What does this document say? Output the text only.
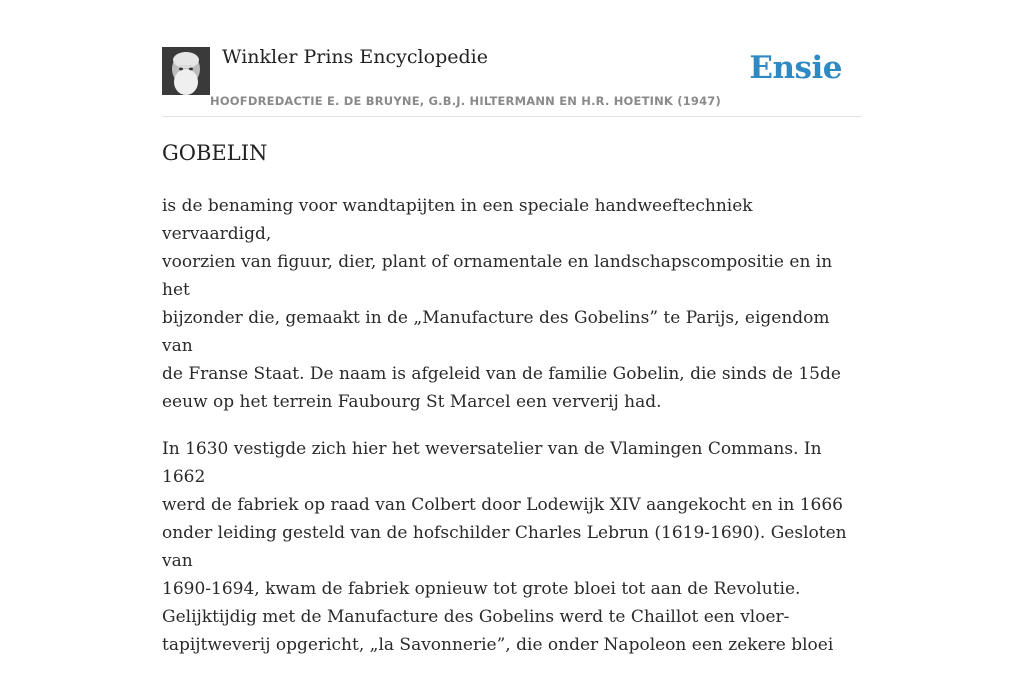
Winkler Prins Encyclopedie
HOOFDREDACTIE E. DE BRUYNE, G.B.J. HILTERMANN EN H.R. HOETINK (1947)
Ensie
GOBELIN

is de benaming voor wandtapijten in een speciale handweeftechniek vervaardigd,
voorzien van figuur, dier, plant of ornamentale en landschapscompositie en in het
bijzonder die, gemaakt in de „Manufacture des Gobelins” te Parijs, eigendom van
de Franse Staat. De naam is afgeleid van de familie Gobelin, die sinds de 15de
eeuw op het terrein Faubourg St Marcel een ververij had.

In 1630 vestigde zich hier het weversatelier van de Vlamingen Commans. In 1662
werd de fabriek op raad van Colbert door Lodewijk XIV aangekocht en in 1666
onder leiding gesteld van de hofschilder Charles Lebrun (1619-1690). Gesloten van
1690-1694, kwam de fabriek opnieuw tot grote bloei tot aan de Revolutie.
Gelijktijdig met de Manufacture des Gobelins werd te Chaillot een vloer-
tapijtweverij opgericht, „la Savonnerie”, die onder Napoleon een zekere bloei
